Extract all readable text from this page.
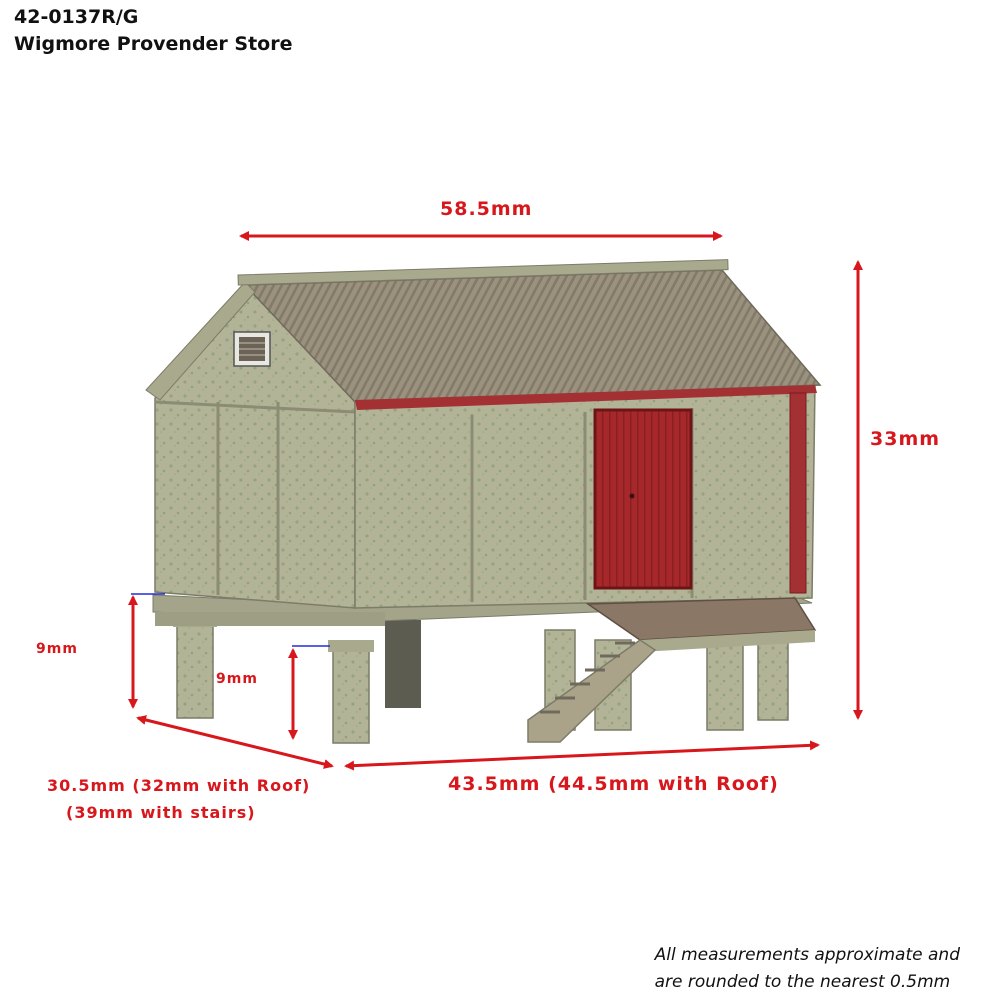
42-0137R/G
Wigmore Provender Store
58.5mm
33mm
9mm
9mm
30.5mm (32mm with Roof)
(39mm with stairs)
43.5mm (44.5mm with Roof)
All measurements approximate and
are rounded to the nearest 0.5mm
